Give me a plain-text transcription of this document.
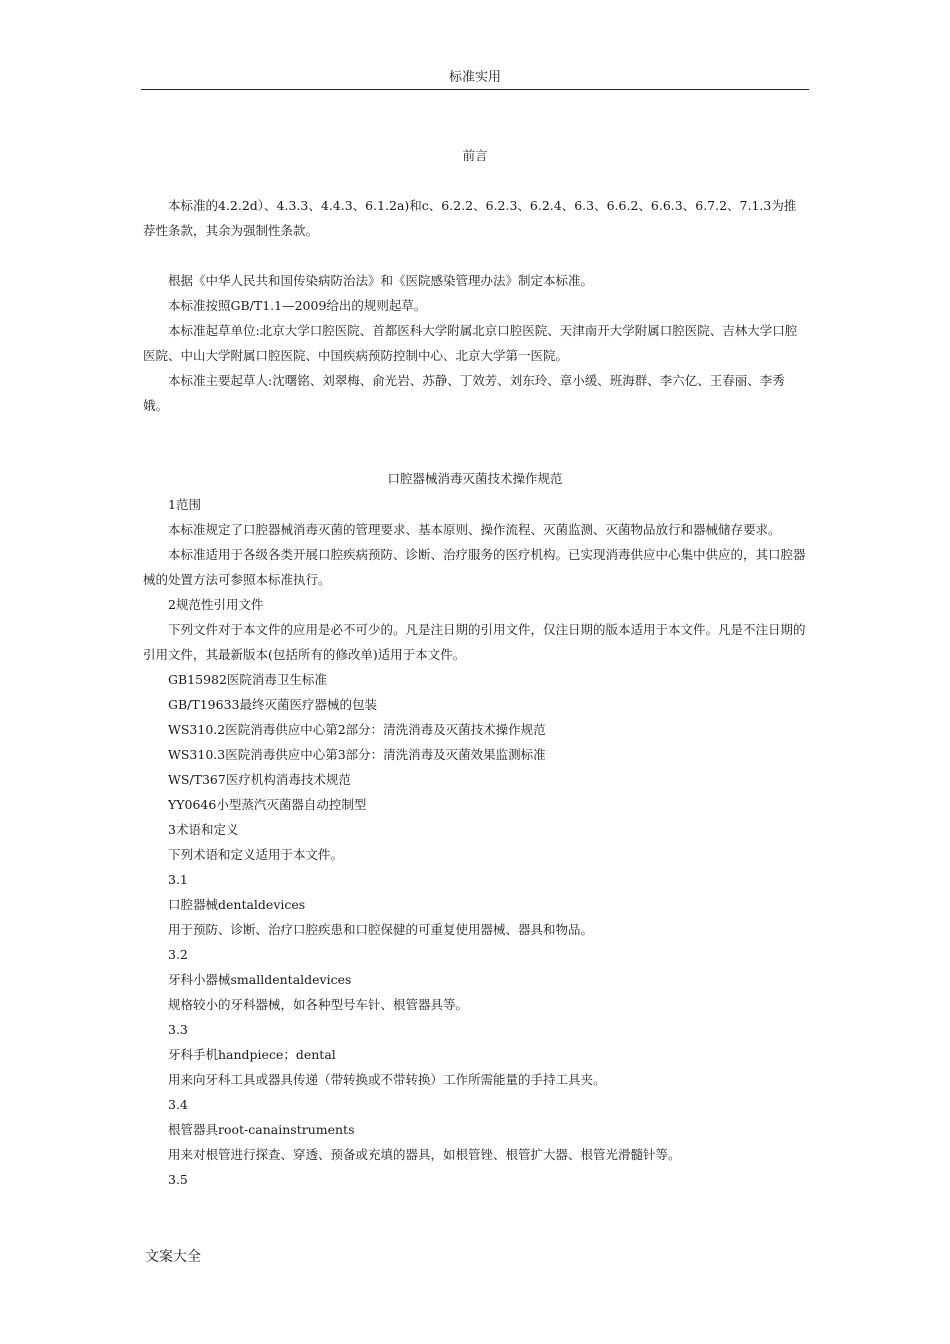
标准实用
前言

本标准的4.2.2d）、4.3.3、4.4.3、6.1.2a)和c、6.2.2、6.2.3、6.2.4、6.3、6.6.2、6.6.3、6.7.2、7.1.3为推荐性条款，其余为强制性条款。

根据《中华人民共和国传染病防治法》和《医院感染管理办法》制定本标准。

本标准按照GB/T1.1—2009给出的规则起草。

本标准起草单位:北京大学口腔医院、首都医科大学附属北京口腔医院、天津南开大学附属口腔医院、吉林大学口腔医院、中山大学附属口腔医院、中国疾病预防控制中心、北京大学第一医院。

本标准主要起草人:沈曙铭、刘翠梅、俞光岩、苏静、丁效芳、刘东玲、章小缓、班海群、李六亿、王春丽、李秀娥。

口腔器械消毒灭菌技术操作规范

1范围

本标准规定了口腔器械消毒灭菌的管理要求、基本原则、操作流程、灭菌监测、灭菌物品放行和器械储存要求。

本标准适用于各级各类开展口腔疾病预防、诊断、治疗服务的医疗机构。已实现消毒供应中心集中供应的，其口腔器械的处置方法可参照本标准执行。

2规范性引用文件

下列文件对于本文件的应用是必不可少的。凡是注日期的引用文件，仅注日期的版本适用于本文件。凡是不注日期的引用文件，其最新版本(包括所有的修改单)适用于本文件。

GB15982医院消毒卫生标准

GB/T19633最终灭菌医疗器械的包装

WS310.2医院消毒供应中心第2部分：清洗消毒及灭菌技术操作规范

WS310.3医院消毒供应中心第3部分：清洗消毒及灭菌效果监测标准

WS/T367医疗机构消毒技术规范

YY0646小型蒸汽灭菌器自动控制型

3术语和定义

下列术语和定义适用于本文件。

3.1

口腔器械dentaldevices

用于预防、诊断、治疗口腔疾患和口腔保健的可重复使用器械、器具和物品。

3.2

牙科小器械smalldentaldevices

规格较小的牙科器械，如各种型号车针、根管器具等。

3.3

牙科手机handpiece；dental

用来向牙科工具或器具传递（带转换或不带转换）工作所需能量的手持工具夹。

3.4

根管器具root-canainstruments

用来对根管进行探查、穿透、预备或充填的器具，如根管锉、根管扩大器、根管光滑髓针等。

3.5

文案大全
